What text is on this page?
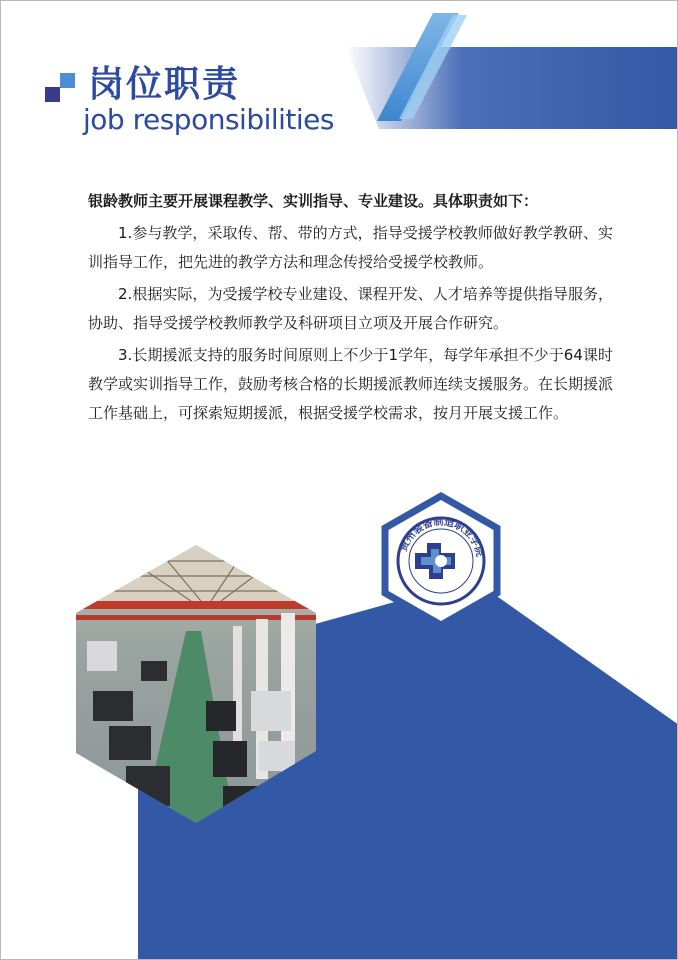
岗位职责
job responsibilities

银龄教师主要开展课程教学、实训指导、专业建设。具体职责如下：

1.参与教学，采取传、帮、带的方式，指导受援学校教师做好教学教研、实训指导工作，把先进的教学方法和理念传授给受援学校教师。

2.根据实际，为受援学校专业建设、课程开发、人才培养等提供指导服务，协助、指导受援学校教师教学及科研项目立项及开展合作研究。

3.长期援派支持的服务时间原则上不少于1学年，每学年承担不少于64课时教学或实训指导工作，鼓励考核合格的长期援派教师连续支援服务。在长期援派工作基础上，可探索短期援派，根据受援学校需求，按月开展支援工作。

贵州装备制造职业学院
